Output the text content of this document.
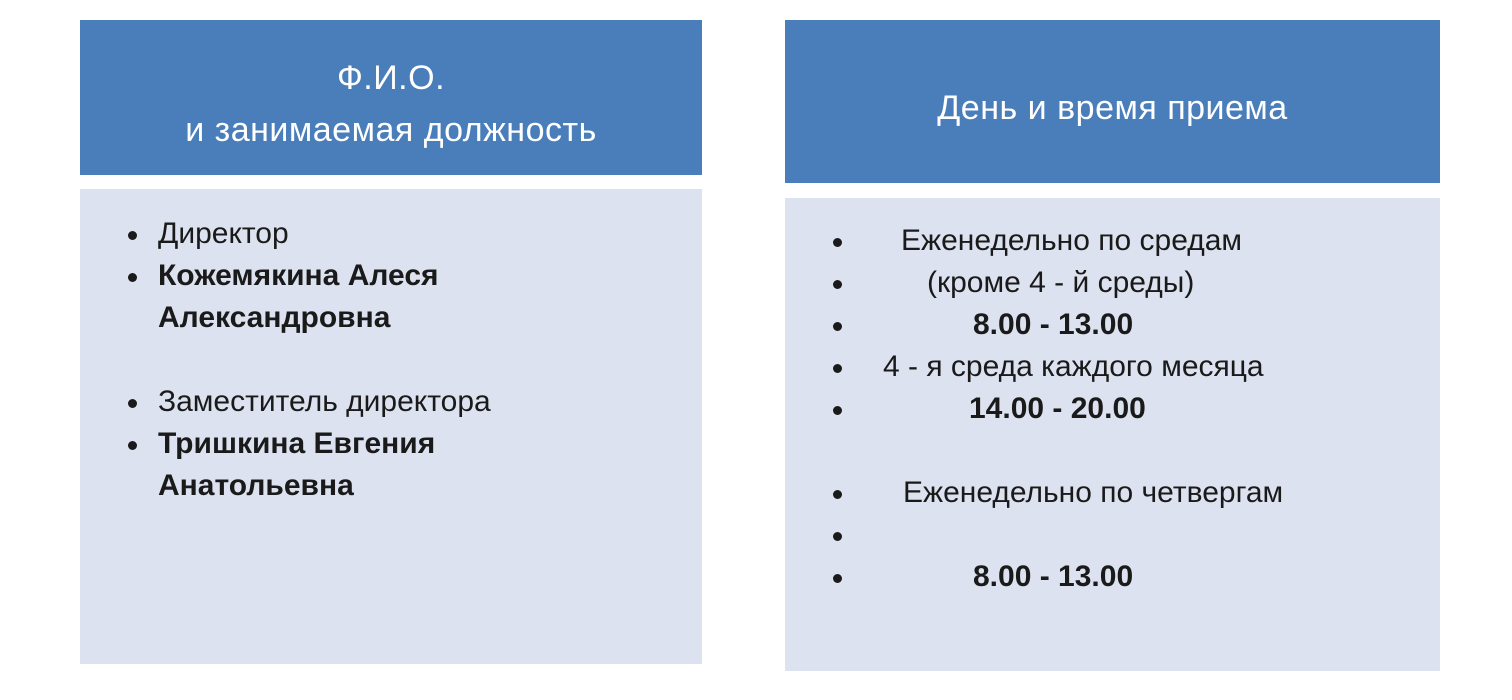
Ф.И.О.
и занимаемая должность
Директор
Кожемякина Алеся
Александровна
Заместитель директора
Тришкина Евгения
Анатольевна
День и время приема
Еженедельно по средам
(кроме 4 - й среды)
8.00 - 13.00
4 - я среда каждого месяца
14.00 - 20.00
Еженедельно по четвергам
8.00 - 13.00
